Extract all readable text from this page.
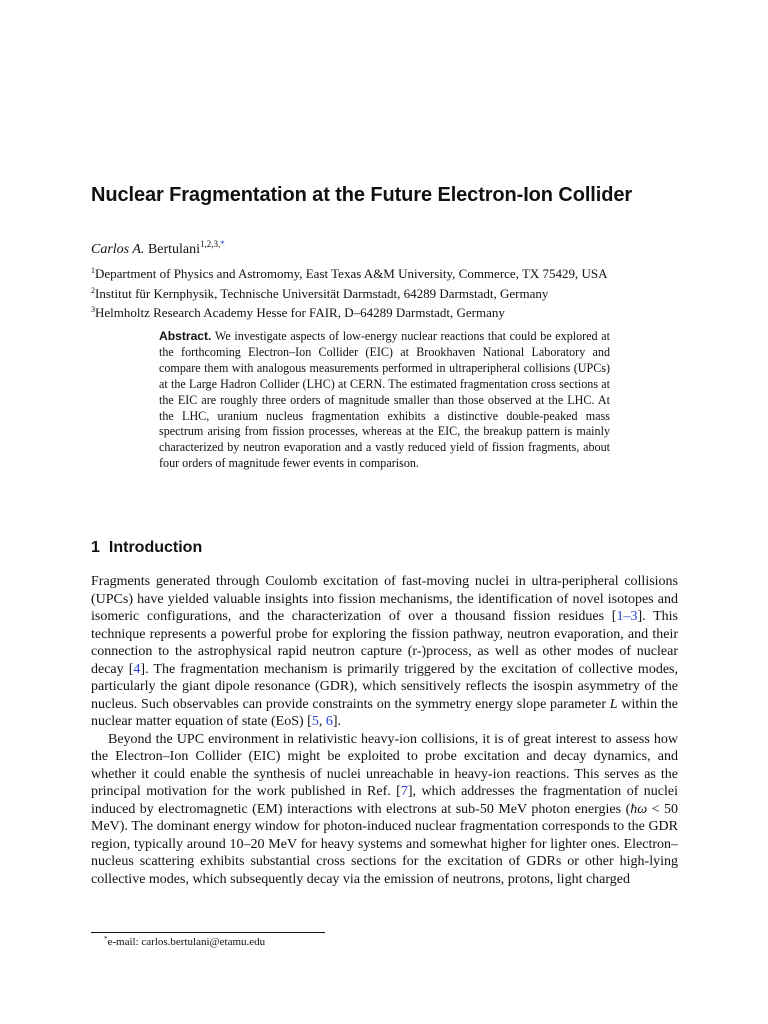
Nuclear Fragmentation at the Future Electron-Ion Collider
Carlos A. Bertulani$^{1,2,3,*}$
$^1$Department of Physics and Astromomy, East Texas A&M University, Commerce, TX 75429, USA
$^2$Institut für Kernphysik, Technische Universität Darmstadt, 64289 Darmstadt, Germany
$^3$Helmholtz Research Academy Hesse for FAIR, D–64289 Darmstadt, Germany
Abstract. We investigate aspects of low-energy nuclear reactions that could be explored at the forthcoming Electron–Ion Collider (EIC) at Brookhaven National Laboratory and compare them with analogous measurements performed in ultraperipheral collisions (UPCs) at the Large Hadron Collider (LHC) at CERN. The estimated fragmentation cross sections at the EIC are roughly three orders of magnitude smaller than those observed at the LHC. At the LHC, uranium nucleus fragmentation exhibits a distinctive double-peaked mass spectrum arising from fission processes, whereas at the EIC, the breakup pattern is mainly characterized by neutron evaporation and a vastly reduced yield of fission fragments, about four orders of magnitude fewer events in comparison.
1 Introduction

Fragments generated through Coulomb excitation of fast-moving nuclei in ultra-peripheral collisions (UPCs) have yielded valuable insights into fission mechanisms, the identification of novel isotopes and isomeric configurations, and the characterization of over a thousand fission residues [1–3]. This technique represents a powerful probe for exploring the fission pathway, neutron evaporation, and their connection to the astrophysical rapid neutron capture (r-)process, as well as other modes of nuclear decay [4]. The fragmentation mechanism is primarily triggered by the excitation of collective modes, particularly the giant dipole resonance (GDR), which sensitively reflects the isospin asymmetry of the nucleus. Such observables can provide constraints on the symmetry energy slope parameter L within the nuclear matter equation of state (EoS) [5, 6].

Beyond the UPC environment in relativistic heavy-ion collisions, it is of great interest to assess how the Electron–Ion Collider (EIC) might be exploited to probe excitation and decay dynamics, and whether it could enable the synthesis of nuclei unreachable in heavy-ion reactions. This serves as the principal motivation for the work published in Ref. [7], which addresses the fragmentation of nuclei induced by electromagnetic (EM) interactions with electrons at sub-50 MeV photon energies (ħω < 50 MeV). The dominant energy window for photon-induced nuclear fragmentation corresponds to the GDR region, typically around 10–20 MeV for heavy systems and somewhat higher for lighter ones. Electron–nucleus scattering exhibits substantial cross sections for the excitation of GDRs or other high-lying collective modes, which subsequently decay via the emission of neutrons, protons, light charged

*e-mail: carlos.bertulani@etamu.edu
